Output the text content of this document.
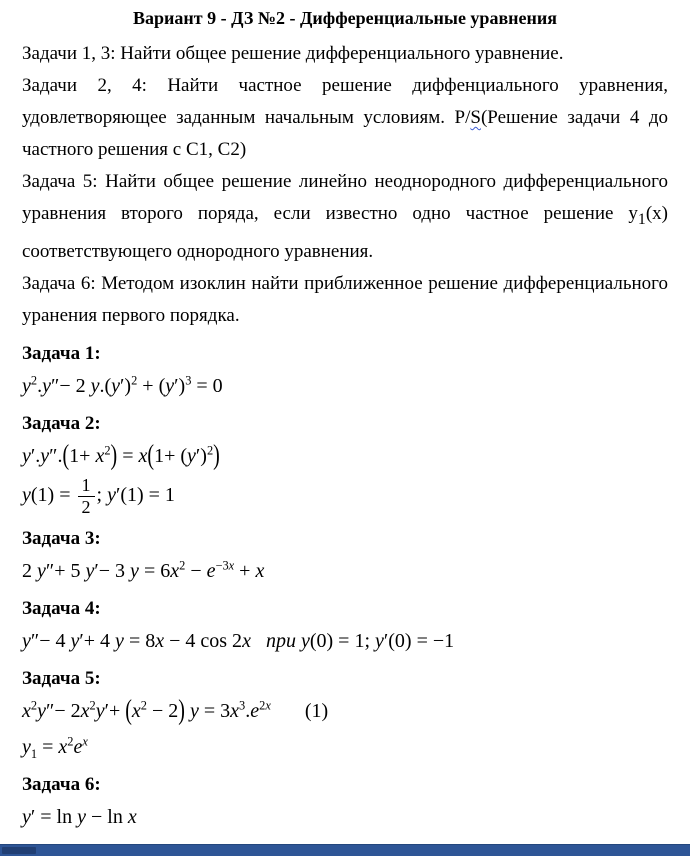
Вариант 9 - ДЗ №2 - Дифференциальные уравнения

Задачи 1, 3: Найти общее решение дифференциального уравнение.

Задачи 2, 4: Найти частное решение диффенциального уравнения, удовлетворяющее заданным начальным условиям. P/S(Решение задачи 4 до частного решения с C1, C2)

Задача 5: Найти общее решение линейно неоднородного дифференциального уравнения второго поряда, если известно одно частное решение $y_1(x)$ соответствующего однородного уравнения.

Задача 6: Методом изоклин найти приближенное решение дифференциального уранения первого порядка.

Задача 1:
$y^2.y''- 2$ $y.(y')^2 + (y')^3 = 0$
Задача 2:
$y'.y''.(1+ x^2) = x(1+ (y')^2)$
$y(1) = \frac{1}{2}$ ; y′(1) = 1
Задача 3:
2 y″+ 5 y′− 3 $y = 6x^2 - e^{-3x} + x$
Задача 4:
y″− 4 y′+ 4 y = 8x − 4 cos 2x при y(0) = 1; y′(0) = −1
Задача 5:
$x^2y''- 2x^2y'+ (x^2 - 2) y = 3x^3.e^{2x}$ (1)
$y_1 = x^2e^x$
Задача 6:
y′ = ln y − ln x
